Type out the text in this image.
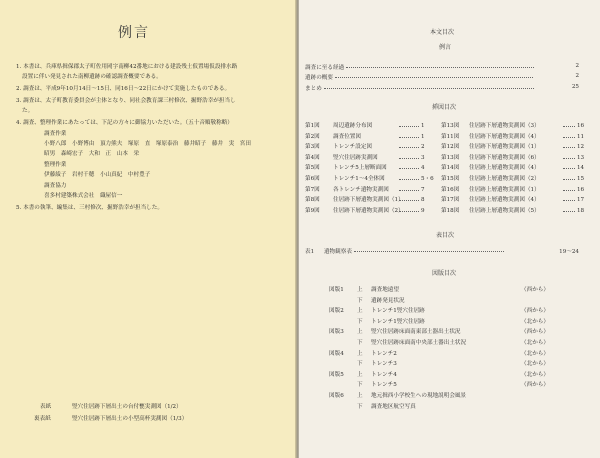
例言
1. 本書は、兵庫県揖保郡太子町佐用岡字南柳42番地における建設残土仮置場仮設排水路
設置に伴い発見された南柳遺跡の確認調査概要である。
2. 調査は、平成9年10月14日～15日、同16日～22日にかけて実施したものである。
3. 調査は、太子町教育委員会が主体となり、同社会教育課三村修次、掘野浩幸が担当し
た。
4. 調査、整理作業にあたっては、下記の方々に御協力いただいた。（五十音順敬称略）
調査作業
小野八郎　小野博由　頂力熊夫　塚原　直　塚原泰治　藤井昭子　藤井　実　宮田
昭男　森崎宏子　大和　正　山本　栄
整理作業
伊藤綾子　岩村千穂　小山真紀　中村豊子
調査協力
喜多村建築株式会社　織屋信一
5. 本書の執筆、編集は、三村修次、掘野浩幸が担当した。
表紙	竪穴住居跡下層出土の台付甕実測図（1/2）
裏表紙	竪穴住居跡下層出土の小型高杯実測図（1/3）
本文目次
例言
調査に至る経過	2
遺跡の概要	2
まとめ	25
挿図目次
第1図 周辺遺跡分布図	1	第13図 住居跡下層遺物実測図（3）	16
第2図 調査位置図	1	第11図 住居跡下層遺物実測図（4）	11
第3図 トレンチ設定図	2	第12図 住居跡下層遺物実測図（1）	12
第4図 竪穴住居跡実測図	3	第13図 住居跡下層遺物実測図（6）	13
第5図 トレンチ5上層断面図	4	第14図 住居跡上層遺物実測図（4）	14
第6図 トレンチ1～4全体図	5・6 第15図 住居跡上層遺物実測図（2）	15
第7図 各トレンチ遺物実測図	7	第16図 住居跡上層遺物実測図（1）	16
第8図 住居跡下層遺物実測図（1）	8	第17図 住居跡上層遺物実測図（4）	17
第9図 住居跡下層遺物実測図（2）	9	第18図 住居跡上層遺物実測図（5）	18
表目次
表1 遺物観察表	19～24
図版目次
図版1 上 調査地遠望	（西から）
下 遺跡発見状況
図版2 上 トレンチ1竪穴住居跡	（西から）
下 トレンチ1竪穴住居跡	（北から）
図版3 上 竪穴住居跡床面南東部土器出土状況	（西から）
下 竪穴住居跡床面南中央部土器出土状況	（北から）
図版4 上 トレンチ2	（北から）
下 トレンチ3	（北から）
図版5 上 トレンチ4	（北から）
下 トレンチ5	（西から）
図版6 上 地元揖西小学校生への現地説明会風景
下 調査地区航空写真
